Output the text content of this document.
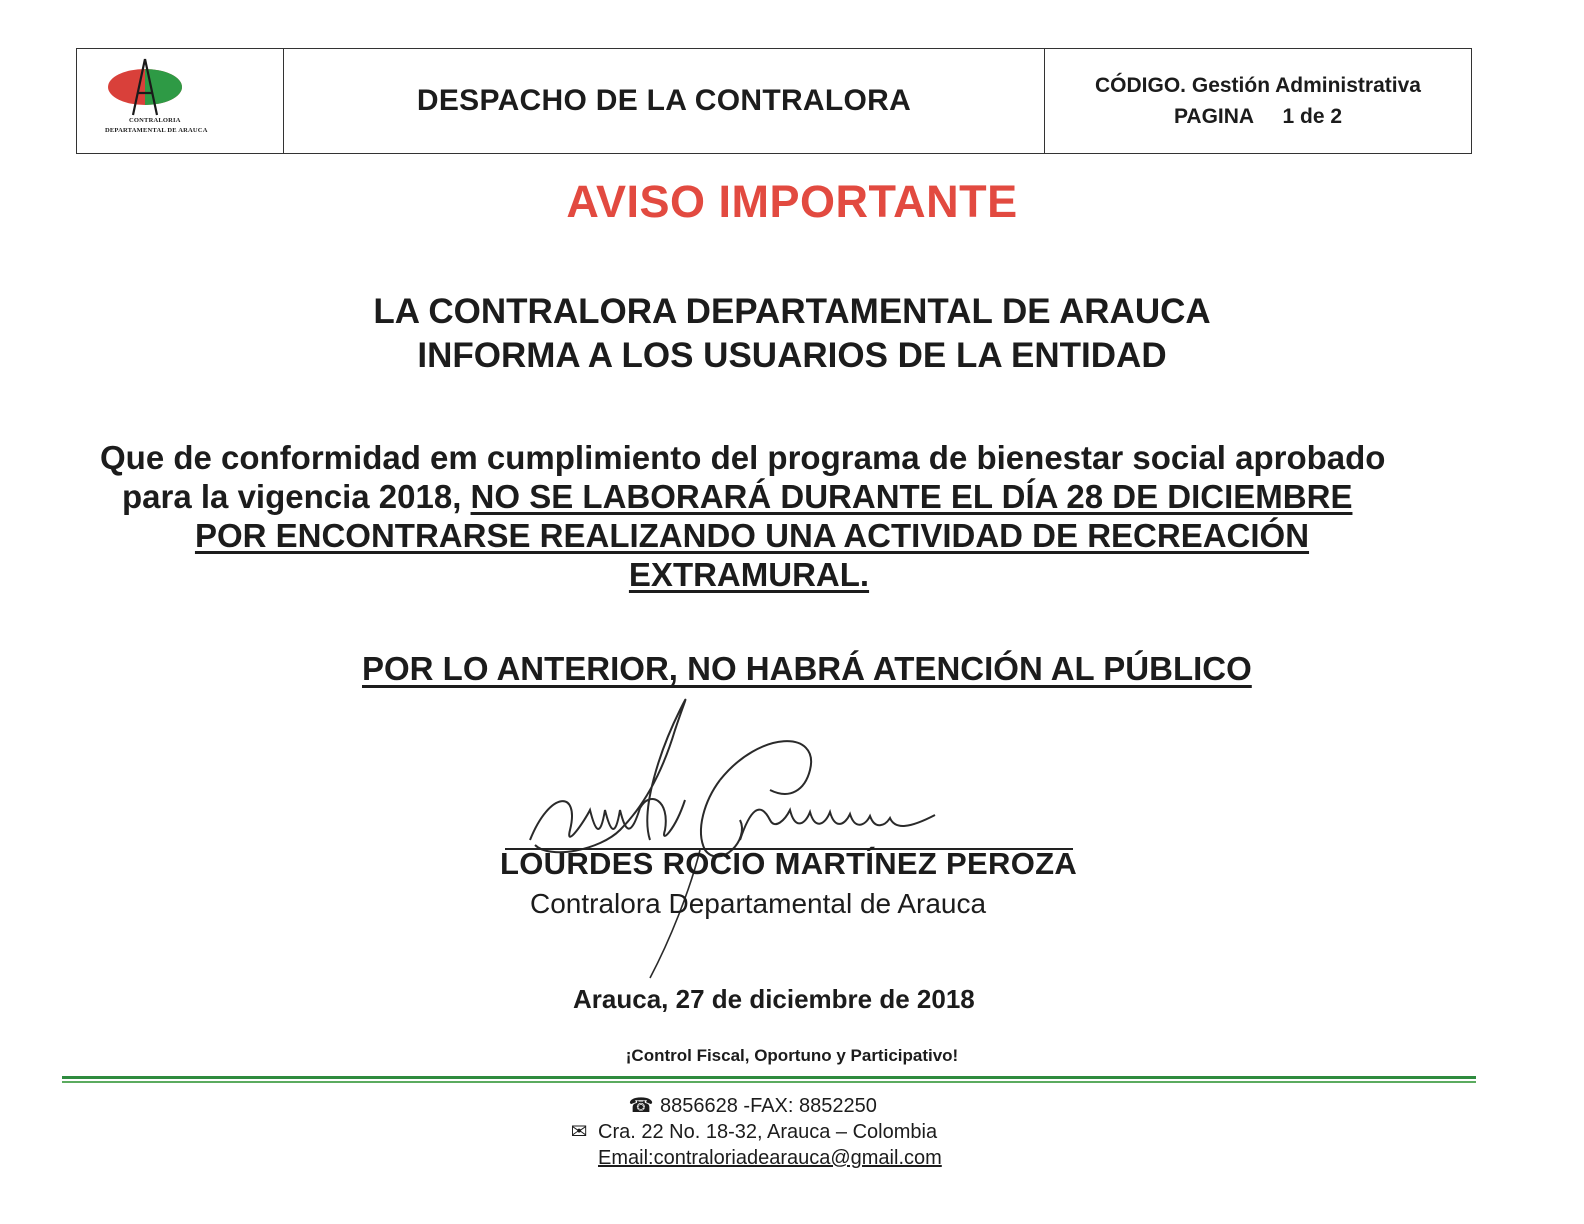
CONTRALORIA
DEPARTAMENTAL DE ARAUCA
DESPACHO DE LA CONTRALORA	CÓDIGO. Gestión Administrativa
PAGINA 1 de 2
AVISO IMPORTANTE
LA CONTRALORA DEPARTAMENTAL DE ARAUCA
INFORMA A LOS USUARIOS DE LA ENTIDAD
Que de conformidad em cumplimiento del programa de bienestar social aprobado
para la vigencia 2018, NO SE LABORARÁ DURANTE EL DÍA 28 DE DICIEMBRE
POR ENCONTRARSE REALIZANDO UNA ACTIVIDAD DE RECREACIÓN
EXTRAMURAL.
POR LO ANTERIOR, NO HABRÁ ATENCIÓN AL PÚBLICO
LOURDES ROCIO MARTÍNEZ PEROZA
Contralora Departamental de Arauca
Arauca, 27 de diciembre de 2018
¡Control Fiscal, Oportuno y Participativo!
☎ 8856628 -FAX: 8852250
✉ Cra. 22 No. 18-32, Arauca – Colombia
Email:contraloriadearauca@gmail.com
